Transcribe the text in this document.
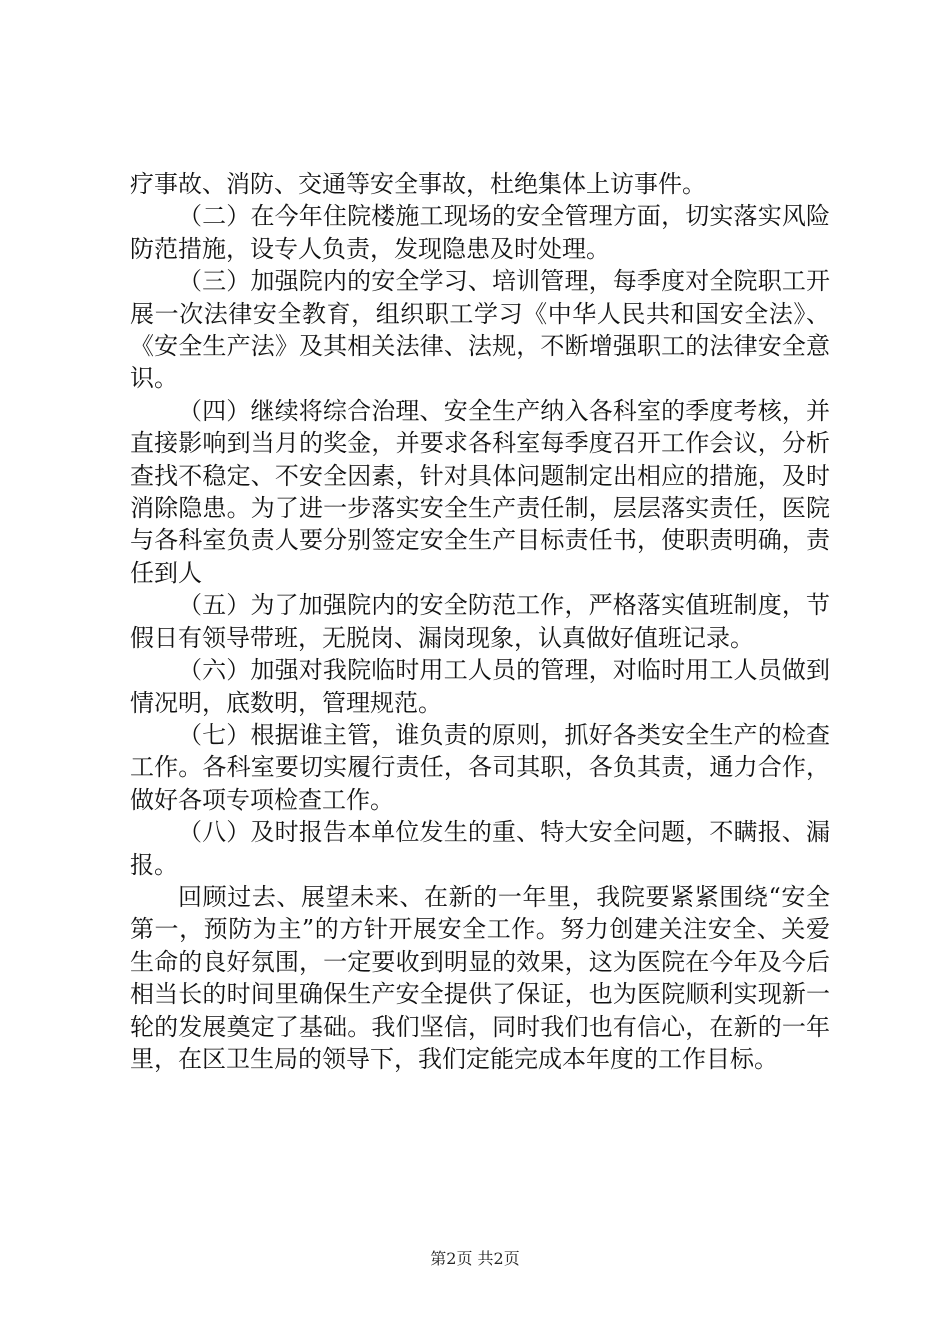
疗事故、消防、交通等安全事故，杜绝集体上访事件。

（二）在今年住院楼施工现场的安全管理方面，切实落实风险防范措施，设专人负责，发现隐患及时处理。

（三）加强院内的安全学习、培训管理，每季度对全院职工开展一次法律安全教育，组织职工学习《中华人民共和国安全法》、《安全生产法》及其相关法律、法规，不断增强职工的法律安全意识。

（四）继续将综合治理、安全生产纳入各科室的季度考核，并直接影响到当月的奖金，并要求各科室每季度召开工作会议，分析查找不稳定、不安全因素，针对具体问题制定出相应的措施，及时消除隐患。为了进一步落实安全生产责任制，层层落实责任，医院与各科室负责人要分别签定安全生产目标责任书，使职责明确，责任到人

（五）为了加强院内的安全防范工作，严格落实值班制度，节假日有领导带班，无脱岗、漏岗现象，认真做好值班记录。

（六）加强对我院临时用工人员的管理，对临时用工人员做到情况明，底数明，管理规范。

（七）根据谁主管，谁负责的原则，抓好各类安全生产的检查工作。各科室要切实履行责任，各司其职，各负其责，通力合作，做好各项专项检查工作。

（八）及时报告本单位发生的重、特大安全问题，不瞒报、漏报。

回顾过去、展望未来、在新的一年里，我院要紧紧围绕“安全第一，预防为主”的方针开展安全工作。努力创建关注安全、关爱生命的良好氛围，一定要收到明显的效果，这为医院在今年及今后相当长的时间里确保生产安全提供了保证，也为医院顺利实现新一轮的发展奠定了基础。我们坚信，同时我们也有信心，在新的一年里，在区卫生局的领导下，我们定能完成本年度的工作目标。

第2页 共2页
